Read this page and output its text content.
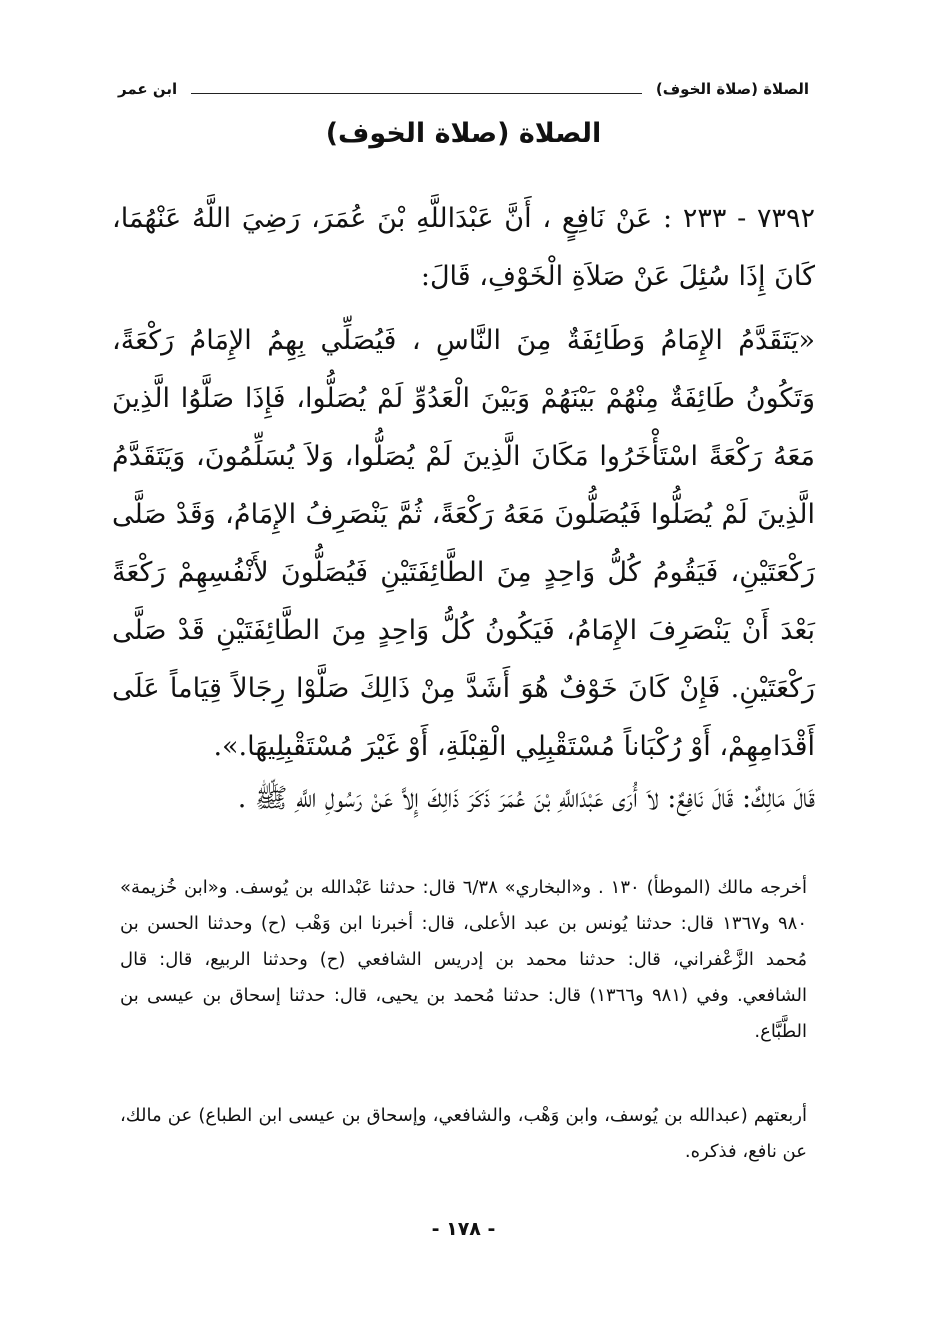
الصلاة (صلاة الخوف)
ابن عمر
الصلاة (صلاة الخوف)
٧٣٩٢ - ٢٣٣ : عَنْ نَافِعٍ ، أَنَّ عَبْدَاللَّهِ بْنَ عُمَرَ، رَضِيَ اللَّهُ عَنْهُمَا، كَانَ إِذَا سُئِلَ عَنْ صَلاَةِ الْخَوْفِ، قَالَ:
«يَتَقَدَّمُ الإِمَامُ وَطَائِفَةٌ مِنَ النَّاسِ ، فَيُصَلِّي بِهِمُ الإِمَامُ رَكْعَةً، وَتَكُونُ طَائِفَةٌ مِنْهُمْ بَيْنَهُمْ وَبَيْنَ الْعَدُوِّ لَمْ يُصَلُّوا، فَإِذَا صَلَّوُا الَّذِينَ مَعَهُ رَكْعَةً اسْتَأْخَرُوا مَكَانَ الَّذِينَ لَمْ يُصَلُّوا، وَلاَ يُسَلِّمُونَ، وَيَتَقَدَّمُ الَّذِينَ لَمْ يُصَلُّوا فَيُصَلُّونَ مَعَهُ رَكْعَةً، ثُمَّ يَنْصَرِفُ الإِمَامُ، وَقَدْ صَلَّى رَكْعَتَيْنِ، فَيَقُومُ كُلُّ وَاحِدٍ مِنَ الطَّائِفَتَيْنِ فَيُصَلُّونَ لأَنْفُسِهِمْ رَكْعَةً بَعْدَ أَنْ يَنْصَرِفَ الإِمَامُ، فَيَكُونُ كُلُّ وَاحِدٍ مِنَ الطَّائِفَتَيْنِ قَدْ صَلَّى رَكْعَتَيْنِ. فَإِنْ كَانَ خَوْفٌ هُوَ أَشَدَّ مِنْ ذَالِكَ صَلَّوْا رِجَالاً قِيَاماً عَلَى أَقْدَامِهِمْ، أَوْ رُكْبَاناً مُسْتَقْبِلِي الْقِبْلَةِ، أَوْ غَيْرَ مُسْتَقْبِلِيهَا.».
قَالَ مَالِكٌ: قَالَ نَافِعٌ: لاَ أُرَى عَبْدَاللَّهِ بْنَ عُمَرَ ذَكَرَ ذَالِكَ إِلاَّ عَنْ رَسُولِ اللَّهِ ﷺ .
أخرجه مالك (الموطأ) ١٣٠ . و«البخاري» ٦/٣٨ قال: حدثنا عَبْدالله بن يُوسف. و«ابن خُزيمة» ٩٨٠ و١٣٦٧ قال: حدثنا يُونس بن عبد الأعلى، قال: أخبرنا ابن وَهْب (ح) وحدثنا الحسن بن مُحمد الزَّعْفراني، قال: حدثنا محمد بن إدريس الشافعي (ح) وحدثنا الربيع، قال: قال الشافعي. وفي (٩٨١ و١٣٦٦) قال: حدثنا مُحمد بن يحيى، قال: حدثنا إسحاق بن عيسى بن الطَّبَّاع.
أربعتهم (عبدالله بن يُوسف، وابن وَهْب، والشافعي، وإسحاق بن عيسى ابن الطباع) عن مالك، عن نافع، فذكره.
- ١٧٨ -
